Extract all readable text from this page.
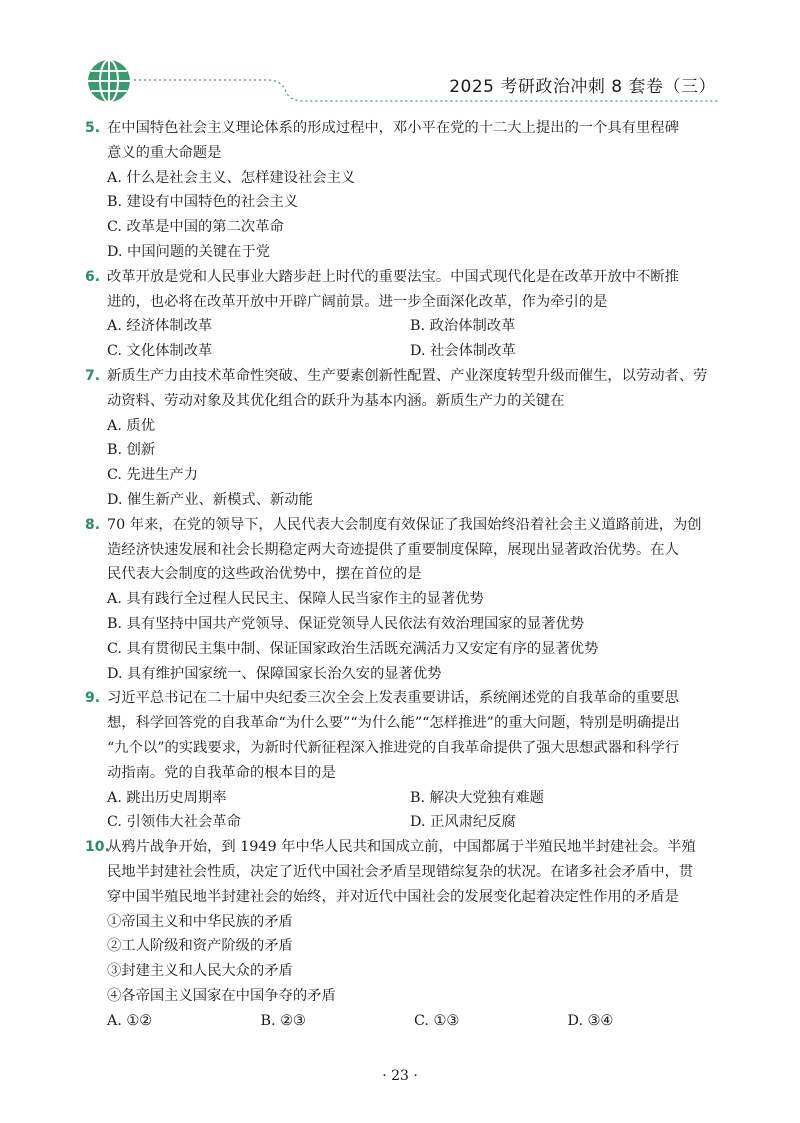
2025 考研政治冲刺 8 套卷（三）
5. 在中国特色社会主义理论体系的形成过程中，邓小平在党的十二大上提出的一个具有里程碑
意义的重大命题是
A. 什么是社会主义、怎样建设社会主义
B. 建设有中国特色的社会主义
C. 改革是中国的第二次革命
D. 中国问题的关键在于党
6. 改革开放是党和人民事业大踏步赶上时代的重要法宝。中国式现代化是在改革开放中不断推
进的，也必将在改革开放中开辟广阔前景。进一步全面深化改革，作为牵引的是
A. 经济体制改革	B. 政治体制改革
C. 文化体制改革	D. 社会体制改革
7. 新质生产力由技术革命性突破、生产要素创新性配置、产业深度转型升级而催生，以劳动者、劳
动资料、劳动对象及其优化组合的跃升为基本内涵。新质生产力的关键在
A. 质优
B. 创新
C. 先进生产力
D. 催生新产业、新模式、新动能
8. 70 年来，在党的领导下，人民代表大会制度有效保证了我国始终沿着社会主义道路前进，为创
造经济快速发展和社会长期稳定两大奇迹提供了重要制度保障，展现出显著政治优势。在人
民代表大会制度的这些政治优势中，摆在首位的是
A. 具有践行全过程人民民主、保障人民当家作主的显著优势
B. 具有坚持中国共产党领导、保证党领导人民依法有效治理国家的显著优势
C. 具有贯彻民主集中制、保证国家政治生活既充满活力又安定有序的显著优势
D. 具有维护国家统一、保障国家长治久安的显著优势
9. 习近平总书记在二十届中央纪委三次全会上发表重要讲话，系统阐述党的自我革命的重要思
想，科学回答党的自我革命“为什么要”“为什么能”“怎样推进”的重大问题，特别是明确提出
“九个以”的实践要求，为新时代新征程深入推进党的自我革命提供了强大思想武器和科学行
动指南。党的自我革命的根本目的是
A. 跳出历史周期率	B. 解决大党独有难题
C. 引领伟大社会革命	D. 正风肃纪反腐
10.
从鸦片战争开始，到 1949 年中华人民共和国成立前，中国都属于半殖民地半封建社会。半殖
民地半封建社会性质，决定了近代中国社会矛盾呈现错综复杂的状况。在诸多社会矛盾中，贯
穿中国半殖民地半封建社会的始终，并对近代中国社会的发展变化起着决定性作用的矛盾是
①帝国主义和中华民族的矛盾
②工人阶级和资产阶级的矛盾
③封建主义和人民大众的矛盾
④各帝国主义国家在中国争夺的矛盾
A. ①②	B. ②③	C. ①③	D. ③④
· 23 ·
